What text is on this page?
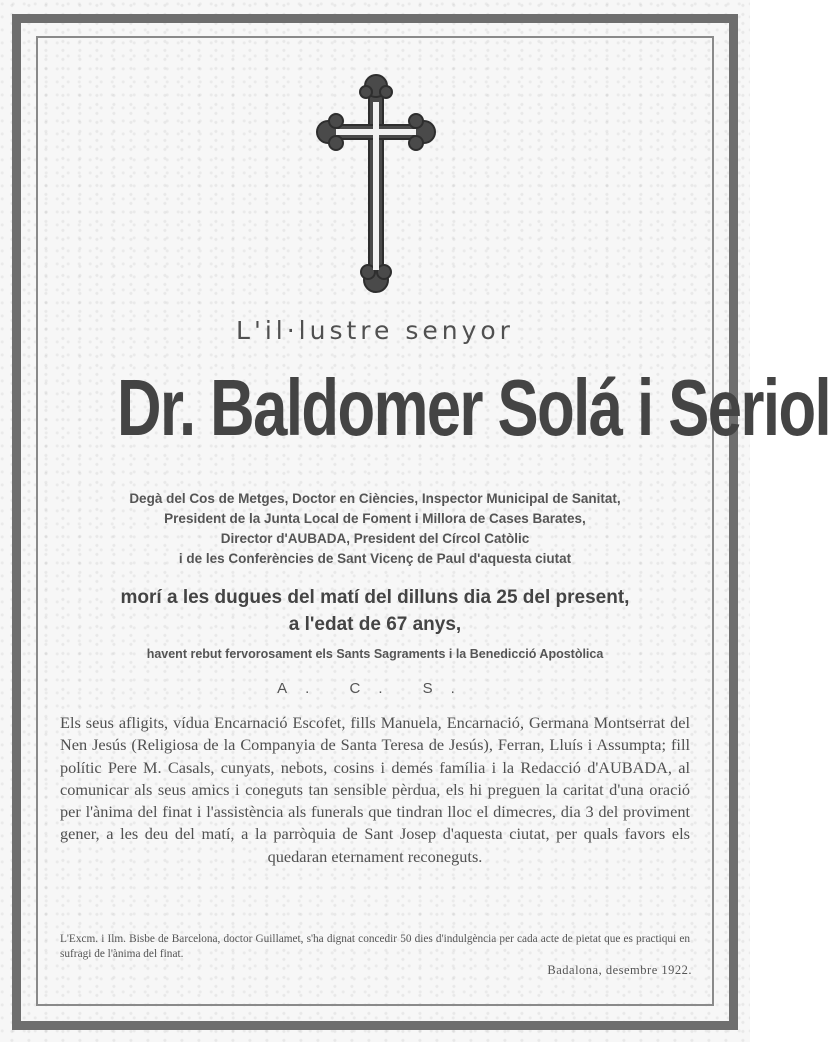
L'il·lustre senyor
Dr. Baldomer Solá i Seriol
Degà del Cos de Metges, Doctor en Ciències, Inspector Municipal de Sanitat,
President de la Junta Local de Foment i Millora de Cases Barates,
Director d'AUBADA, President del Círcol Catòlic
i de les Conferències de Sant Vicenç de Paul d'aquesta ciutat
morí a les dugues del matí del dilluns dia 25 del present,
a l'edat de 67 anys,
havent rebut fervorosament els Sants Sagraments i la Benedicció Apostòlica
A. C. S.
Els seus afligits, vídua Encarnació Escofet, fills Manuela, Encarnació, Germana Montserrat del Nen Jesús (Religiosa de la Companyia de Santa Teresa de Jesús), Ferran, Lluís i Assumpta; fill polític Pere M. Casals, cunyats, nebots, cosins i demés família i la Redacció d'AUBADA, al comunicar als seus amics i coneguts tan sensible pèrdua, els hi preguen la caritat d'una oració per l'ànima del finat i l'assistència als funerals que tindran lloc el dimecres, dia 3 del proviment gener, a les deu del matí, a la parròquia de Sant Josep d'aquesta ciutat, per quals favors els quedaran eternament reconeguts.
L'Excm. i Ilm. Bisbe de Barcelona, doctor Guillamet, s'ha dignat concedir 50 dies d'indulgència per cada acte de pietat que es practiqui en sufragi de l'ànima del finat.
Badalona, desembre 1922.
